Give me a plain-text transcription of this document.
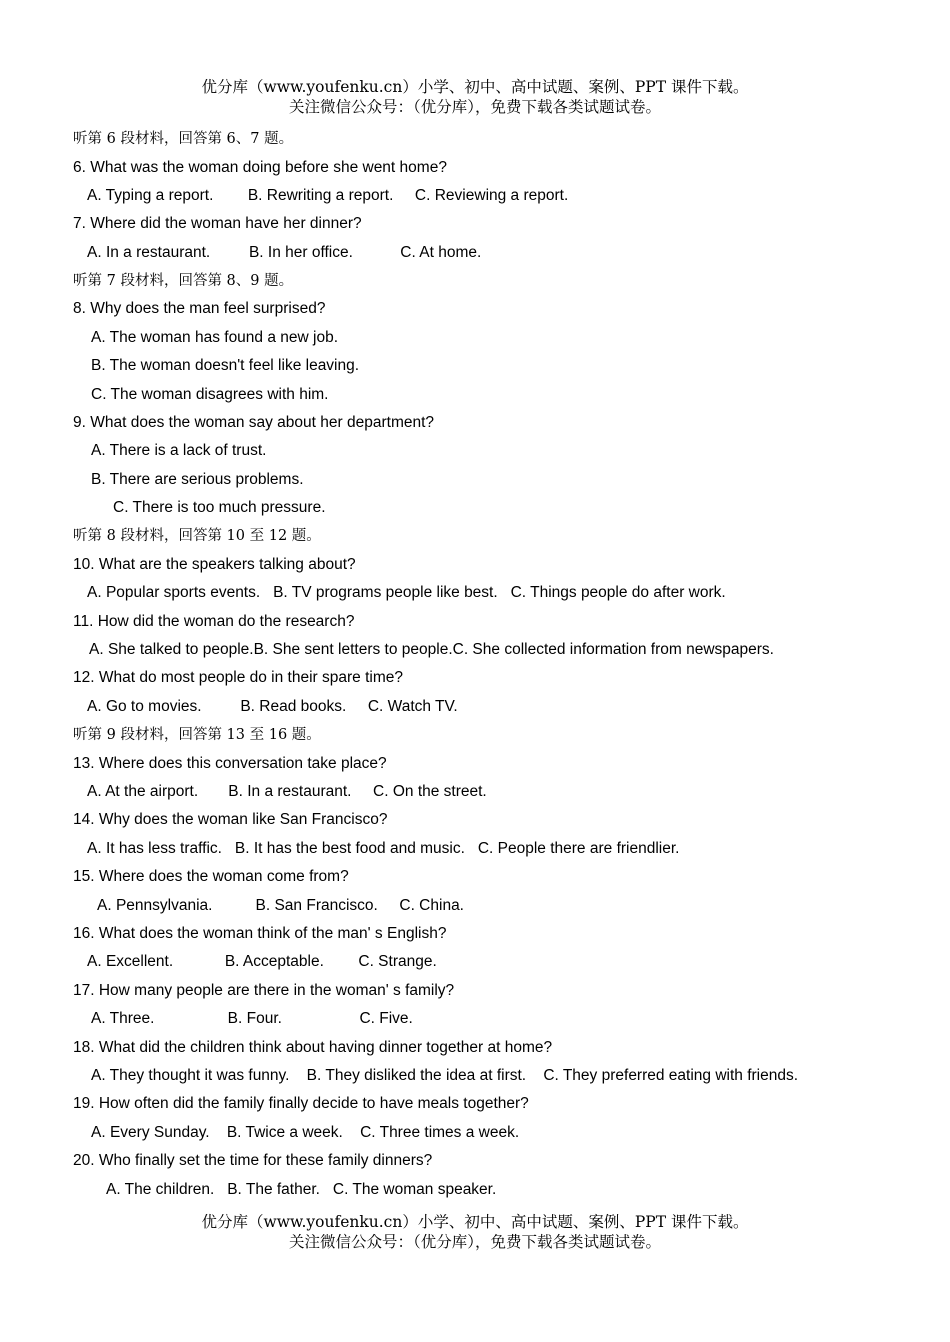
优分库（www.youfenku.cn）小学、初中、高中试题、案例、PPT 课件下载。
关注微信公众号：（优分库），免费下载各类试题试卷。
听第 6 段材料，回答第 6、7 题。
6. What was the woman doing before she went home?
A. Typing a report.        B. Rewriting a report.     C. Reviewing a report.
7. Where did the woman have her dinner?
A. In a restaurant.         B. In her office.           C. At home.
听第 7 段材料，回答第 8、9 题。
8. Why does the man feel surprised?
A. The woman has found a new job.
B. The woman doesn't feel like leaving.
C. The woman disagrees with him.
9. What does the woman say about her department?
A. There is a lack of trust.
B. There are serious problems.
C. There is too much pressure.
听第 8 段材料，回答第 10 至 12 题。
10. What are the speakers talking about?
A. Popular sports events.   B. TV programs people like best.   C. Things people do after work.
11. How did the woman do the research?
A. She talked to people.B. She sent letters to people.C. She collected information from newspapers.
12. What do most people do in their spare time?
A. Go to movies.         B. Read books.     C. Watch TV.
听第 9 段材料，回答第 13 至 16 题。
13. Where does this conversation take place?
A. At the airport.       B. In a restaurant.     C. On the street.
14. Why does the woman like San Francisco?
A. It has less traffic.   B. It has the best food and music.   C. People there are friendlier.
15. Where does the woman come from?
A. Pennsylvania.          B. San Francisco.     C. China.
16. What does the woman think of the man' s English?
A. Excellent.            B. Acceptable.        C. Strange.
17. How many people are there in the woman' s family?
A. Three.                 B. Four.                  C. Five.
18. What did the children think about having dinner together at home?
A. They thought it was funny.    B. They disliked the idea at first.    C. They preferred eating with friends.
19. How often did the family finally decide to have meals together?
A. Every Sunday.    B. Twice a week.    C. Three times a week.
20. Who finally set the time for these family dinners?
A. The children.   B. The father.   C. The woman speaker.
优分库（www.youfenku.cn）小学、初中、高中试题、案例、PPT 课件下载。
关注微信公众号：（优分库），免费下载各类试题试卷。
